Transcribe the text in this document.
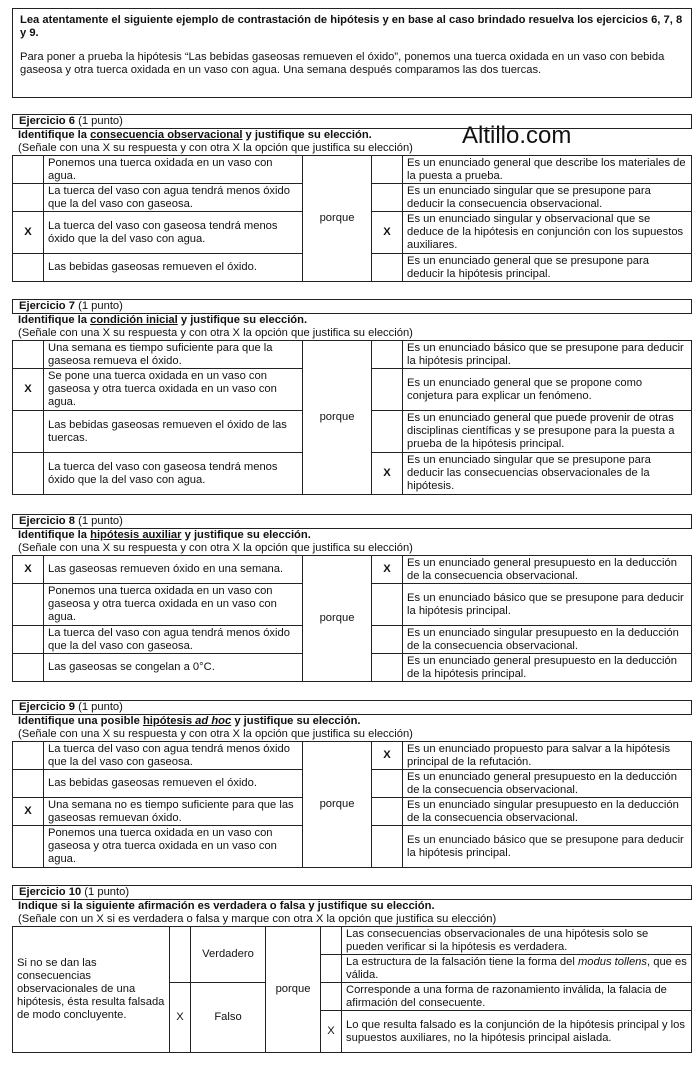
Lea atentamente el siguiente ejemplo de contrastación de hipótesis y en base al caso brindado resuelva los ejercicios 6, 7, 8 y 9.

Para poner a prueba la hipótesis “Las bebidas gaseosas remueven el óxido”, ponemos una tuerca oxidada en un vaso con bebida gaseosa y otra tuerca oxidada en un vaso con agua. Una semana después comparamos las dos tuercas.

Altillo.com
Ejercicio 6 (1 punto)
Identifique la consecuencia observacional y justifique su elección.
(Señale con una X su respuesta y con otra X la opción que justifica su elección)
	Ponemos una tuerca oxidada en un vaso con agua.	porque		Es un enunciado general que describe los materiales de la puesta a prueba.
	La tuerca del vaso con agua tendrá menos óxido que la del vaso con gaseosa.			Es un enunciado singular que se presupone para deducir la consecuencia observacional.
X	La tuerca del vaso con gaseosa tendrá menos óxido que la del vaso con agua.		X	Es un enunciado singular y observacional que se deduce de la hipótesis en conjunción con los supuestos auxiliares.
	Las bebidas gaseosas remueven el óxido.			Es un enunciado general que se presupone para deducir la hipótesis principal.
Ejercicio 7 (1 punto)
Identifique la condición inicial y justifique su elección.
(Señale con una X su respuesta y con otra X la opción que justifica su elección)
	Una semana es tiempo suficiente para que la gaseosa remueva el óxido.	porque		Es un enunciado básico que se presupone para deducir la hipótesis principal.
X	Se pone una tuerca oxidada en un vaso con gaseosa y otra tuerca oxidada en un vaso con agua.			Es un enunciado general que se propone como conjetura para explicar un fenómeno.
	Las bebidas gaseosas remueven el óxido de las tuercas.			Es un enunciado general que puede provenir de otras disciplinas científicas y se presupone para la puesta a prueba de la hipótesis principal.
	La tuerca del vaso con gaseosa tendrá menos óxido que la del vaso con agua.		X	Es un enunciado singular que se presupone para deducir las consecuencias observacionales de la hipótesis.
Ejercicio 8 (1 punto)
Identifique la hipótesis auxiliar y justifique su elección.
(Señale con una X su respuesta y con otra X la opción que justifica su elección)
X	Las gaseosas remueven óxido en una semana.	porque	X	Es un enunciado general presupuesto en la deducción de la consecuencia observacional.
	Ponemos una tuerca oxidada en un vaso con gaseosa y otra tuerca oxidada en un vaso con agua.			Es un enunciado básico que se presupone para deducir la hipótesis principal.
	La tuerca del vaso con agua tendrá menos óxido que la del vaso con gaseosa.			Es un enunciado singular presupuesto en la deducción de la consecuencia observacional.
	Las gaseosas se congelan a 0°C.			Es un enunciado general presupuesto en la deducción de la hipótesis principal.
Ejercicio 9 (1 punto)
Identifique una posible hipótesis ad hoc y justifique su elección.
(Señale con una X su respuesta y con otra X la opción que justifica su elección)
	La tuerca del vaso con agua tendrá menos óxido que la del vaso con gaseosa.	porque	X	Es un enunciado propuesto para salvar a la hipótesis principal de la refutación.
	Las bebidas gaseosas remueven el óxido.			Es un enunciado general presupuesto en la deducción de la consecuencia observacional.
X	Una semana no es tiempo suficiente para que las gaseosas remuevan óxido.			Es un enunciado singular presupuesto en la deducción de la consecuencia observacional.
	Ponemos una tuerca oxidada en un vaso con gaseosa y otra tuerca oxidada en un vaso con agua.			Es un enunciado básico que se presupone para deducir la hipótesis principal.
Ejercicio 10 (1 punto)
Indique si la siguiente afirmación es verdadera o falsa y justifique su elección.
(Señale con un X si es verdadera o falsa y marque con otra X la opción que justifica su elección)
Si no se dan las consecuencias observacionales de una hipótesis, ésta resulta falsada de modo concluyente.		Verdadero	porque		Las consecuencias observacionales de una hipótesis solo se pueden verificar si la hipótesis es verdadera.
					La estructura de la falsación tiene la forma del modus tollens, que es válida.
	X	Falso			Corresponde a una forma de razonamiento inválida, la falacia de afirmación del consecuente.
				X	Lo que resulta falsado es la conjunción de la hipótesis principal y los supuestos auxiliares, no la hipótesis principal aislada.
